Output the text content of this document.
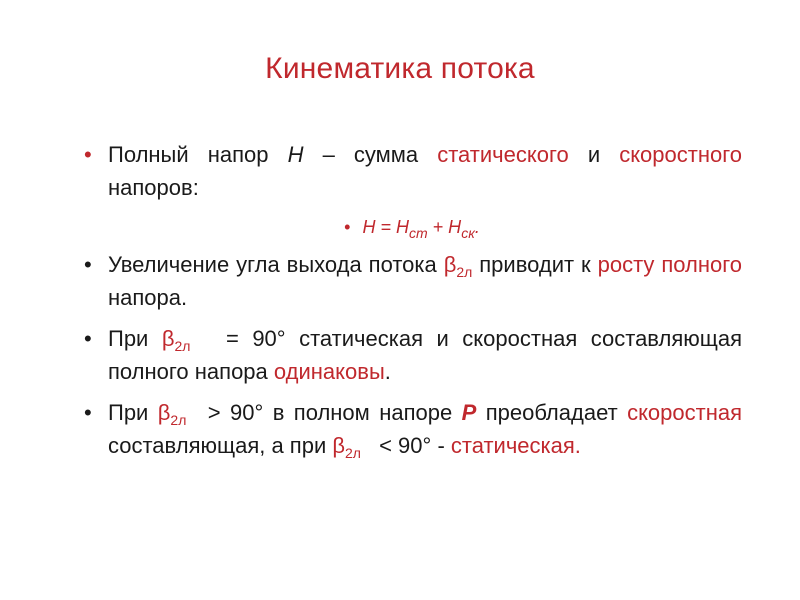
Кинематика потока
• Полный напор H – сумма статического и скоростного напоров:
• $H = H_{ст} + H_{ск}$.
• Увеличение угла выхода потока $\beta_{2л}$ приводит к росту полного напора.
• При $\beta_{2л} = 90^\circ$ статическая и скоростная составляющая полного напора одинаковы.
• При $\beta_{2л} > 90^\circ$ в полном напоре P преобладает скоростная составляющая, а при $\beta_{2л} < 90^\circ$ - статическая.
